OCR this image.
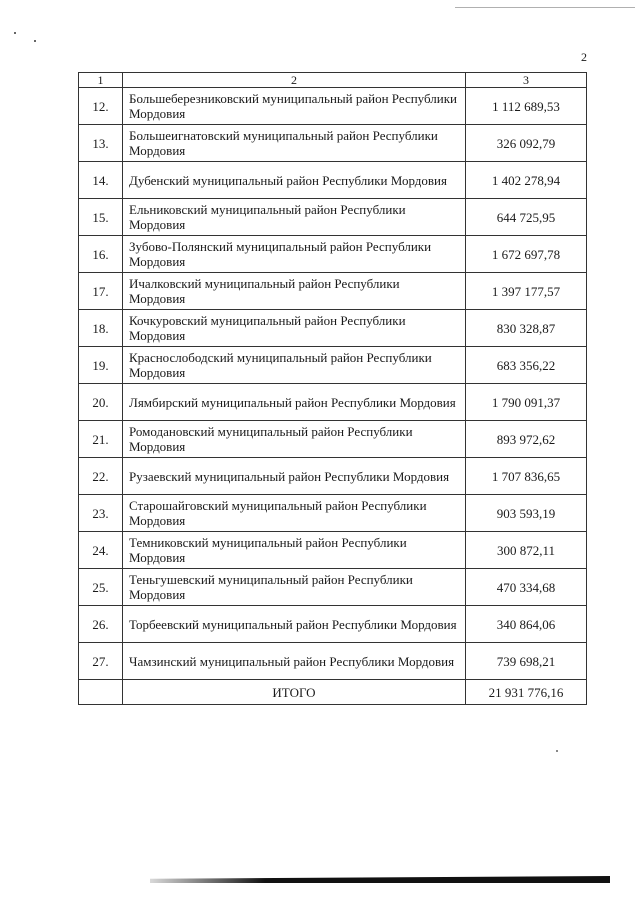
2
1	2	3
12.	Большеберезниковский муниципальный район Республики Мордовия	1 112 689,53
13.	Большеигнатовский муниципальный район Республики Мордовия	326 092,79
14.	Дубенский муниципальный район Республики Мордовия	1 402 278,94
15.	Ельниковский муниципальный район Республики Мордовия	644 725,95
16.	Зубово-Полянский муниципальный район Республики Мордовия	1 672 697,78
17.	Ичалковский муниципальный район Республики Мордовия	1 397 177,57
18.	Кочкуровский муниципальный район Республики Мордовия	830 328,87
19.	Краснослободский муниципальный район Республики Мордовия	683 356,22
20.	Лямбирский муниципальный район Республики Мордовия	1 790 091,37
21.	Ромодановский муниципальный район Республики Мордовия	893 972,62
22.	Рузаевский муниципальный район Республики Мордовия	1 707 836,65
23.	Старошайговский муниципальный район Республики Мордовия	903 593,19
24.	Темниковский муниципальный район Республики Мордовия	300 872,11
25.	Теньгушевский муниципальный район Республики Мордовия	470 334,68
26.	Торбеевский муниципальный район Республики Мордовия	340 864,06
27.	Чамзинский муниципальный район Республики Мордовия	739 698,21
	ИТОГО	21 931 776,16
